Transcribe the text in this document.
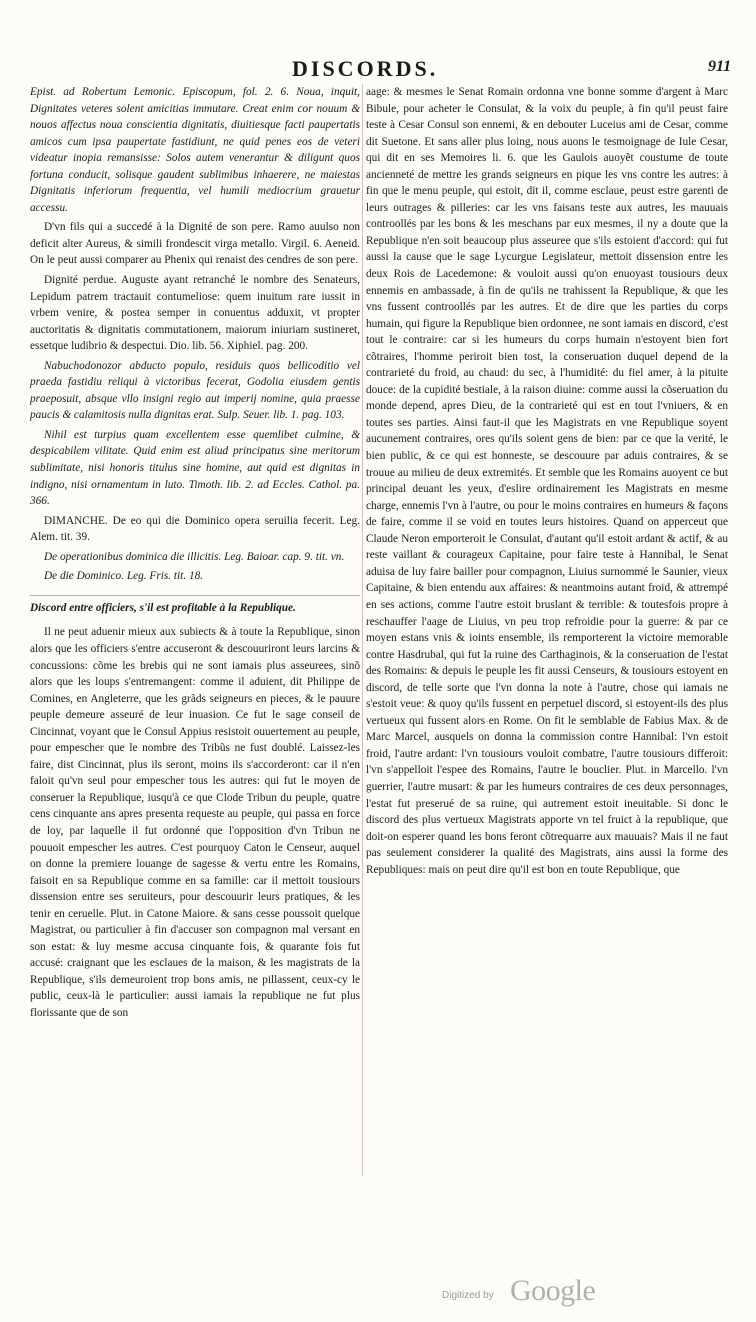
DISCORDS.	911

Epist. ad Robertum Lemonic. Episcopum, fol. 2. 6. Noua, inquit, Dignitates veteres solent amicitias immutare. Creat enim cor nouum & nouos affectus noua conscientia dignitatis, diuitiesque facti paupertatis amicos cum ipsa paupertate fastidiunt, ne quid penes eos de veteri videatur inopia remansisse: Solos autem venerantur & diligunt quos fortuna conducit, solisque gaudent sublimibus inhaerere, ne maiestas Dignitatis inferiorum frequentia, vel humili mediocrium grauetur accessu.

D'vn fils qui a succedé à la Dignité de son pere. Ramo auulso non deficit alter Aureus, & simili frondescit virga metallo. Virgil. 6. Aeneid. On le peut aussi comparer au Phenix qui renaist des cendres de son pere.

Dignité perdue. Auguste ayant retranché le nombre des Senateurs, Lepidum patrem tractauit contumeliose: quem inuitum rare iussit in vrbem venire, & postea semper in conuentus adduxit, vt propter auctoritatis & dignitatis commutationem, maiorum iniuriam sustineret, essetque ludibrio & despectui. Dio. lib. 56. Xiphiel. pag. 200.

Nabuchodonozor abducto populo, residuis quos bellicoditio vel praeda fastidiu reliqui à victoribus fecerat, Godolia eiusdem gentis praeposuit, absque vllo insigni regio aut imperij nomine, quia praesse paucis & calamitosis nulla dignitas erat. Sulp. Seuer. lib. 1. pag. 103.

Nihil est turpius quam excellentem esse quemlibet culmine, & despicabilem vilitate. Quid enim est aliud principatus sine meritorum sublimitate, nisi honoris titulus sine homine, aut quid est dignitas in indigno, nisi ornamentum in luto. Timoth. lib. 2. ad Eccles. Cathol. pa. 366.

DIMANCHE. De eo qui die Dominico opera seruilia fecerit. Leg. Alem. tit. 39.

De operationibus dominica die illicitis. Leg. Baioar. cap. 9. tit. vn.

De die Dominico. Leg. Fris. tit. 18.

Discord entre officiers, s'il est profitable à la Republique.

Il ne peut aduenir mieux aux subiects & à toute la Republique, sinon alors que les officiers s'entre accuseront & descouuriront leurs larcins & concussions: cõme les brebis qui ne sont iamais plus asseurees, sinõ alors que les loups s'entremangent: comme il aduient, dit Philippe de Comines, en Angleterre, que les grãds seigneurs en pieces, & le pauure peuple demeure asseuré de leur inuasion. Ce fut le sage conseil de Cincinnat, voyant que le Consul Appius resistoit ouuertement au peuple, pour empescher que le nombre des Tribũs ne fust doublé. Laissez-les faire, dist Cincinnat, plus ils seront, moins ils s'accorderont: car il n'en faloit qu'vn seul pour empescher tous les autres: qui fut le moyen de conseruer la Republique, iusqu'à ce que Clode Tribun du peuple, quatre cens cinquante ans apres presenta requeste au peuple, qui passa en force de loy, par laquelle il fut ordonné que l'opposition d'vn Tribun ne pouuoit empescher les autres. C'est pourquoy Caton le Censeur, auquel on donne la premiere louange de sagesse & vertu entre les Romains, faisoit en sa Republique comme en sa famille: car il mettoit tousiours dissension entre ses seruiteurs, pour descouurir leurs pratiques, & les tenir en ceruelle. Plut. in Catone Maiore. & sans cesse poussoit quelque Magistrat, ou particulier à fin d'accuser son compagnon mal versant en son estat: & luy mesme accusa cinquante fois, & quarante fois fut accusé: craignant que les esclaues de la maison, & les magistrats de la Republique, s'ils demeuroient trop bons amis, ne pillassent, ceux-cy le public, ceux-là le particulier: aussi iamais la republique ne fut plus florissante que de son

aage: & mesmes le Senat Romain ordonna vne bonne somme d'argent à Marc Bibule, pour acheter le Consulat, & la voix du peuple, à fin qu'il peust faire teste à Cesar Consul son ennemi, & en debouter Luceius ami de Cesar, comme dit Suetone. Et sans aller plus loing, nous auons le tesmoignage de Iule Cesar, qui dit en ses Memoires li. 6. que les Gaulois auoyẽt coustume de toute ancienneté de mettre les grands seigneurs en pique les vns contre les autres: à fin que le menu peuple, qui estoit, dit il, comme esclaue, peust estre garenti de leurs outrages & pilleries: car les vns faisans teste aux autres, les mauuais controollés par les bons & les meschans par eux mesmes, il ny a doute que la Republique n'en soit beaucoup plus asseuree que s'ils estoient d'accord: qui fut aussi la cause que le sage Lycurgue Legislateur, mettoit dissension entre les deux Rois de Lacedemone: & vouloit aussi qu'on enuoyast tousiours deux ennemis en ambassade, à fin de qu'ils ne trahissent la Republique, & que les vns fussent controollés par les autres. Et de dire que les parties du corps humain, qui figure la Republique bien ordonnee, ne sont iamais en discord, c'est tout le contraire: car si les humeurs du corps humain n'estoyent bien fort cõtraires, l'homme periroit bien tost, la conseruation duquel depend de la contrarieté du froid, au chaud: du sec, à l'humidité: du fiel amer, à la pituite douce: de la cupidité bestiale, à la raison diuine: comme aussi la cõseruation du monde depend, apres Dieu, de la contrarieté qui est en tout l'vniuers, & en toutes ses parties. Ainsi faut-il que les Magistrats en vne Republique soyent aucunement contraires, ores qu'ils soient gens de bien: par ce que la verité, le bien public, & ce qui est honneste, se descouure par aduis contraires, & se trouue au milieu de deux extremités. Et semble que les Romains auoyent ce but principal deuant les yeux, d'eslire ordinairement les Magistrats en mesme charge, ennemis l'vn à l'autre, ou pour le moins contraires en humeurs & façons de faire, comme il se void en toutes leurs histoires. Quand on apperceut que Claude Neron emporteroit le Consulat, d'autant qu'il estoit ardant & actif, & au reste vaillant & courageux Capitaine, pour faire teste à Hannibal, le Senat aduisa de luy faire bailler pour compagnon, Liuius surnommé le Saunier, vieux Capitaine, & bien entendu aux affaires: & neantmoins autant froid, & attrempé en ses actions, comme l'autre estoit bruslant & terrible: & toutesfois propre à reschauffer l'aage de Liuius, vn peu trop refroidie pour la guerre: & par ce moyen estans vnis & ioints ensemble, ils remporterent la victoire memorable contre Hasdrubal, qui fut la ruine des Carthaginois, & la conseruation de l'estat des Romains: & depuis le peuple les fit aussi Censeurs, & tousiours estoyent en discord, de telle sorte que l'vn donna la note à l'autre, chose qui iamais ne s'estoit veue: & quoy qu'ils fussent en perpetuel discord, si estoyent-ils des plus vertueux qui fussent alors en Rome. On fit le semblable de Fabius Max. & de Marc Marcel, ausquels on donna la commission contre Hannibal: l'vn estoit froid, l'autre ardant: l'vn tousiours vouloit combatre, l'autre tousiours differoit: l'vn s'appelloit l'espee des Romains, l'autre le bouclier. Plut. in Marcello. l'vn guerrier, l'autre musart: & par les humeurs contraires de ces deux personnages, l'estat fut preserué de sa ruine, qui autrement estoit ineuitable. Si donc le discord des plus vertueux Magistrats apporte vn tel fruict à la republique, que doit-on esperer quand les bons feront cõtrequarre aux mauuais? Mais il ne faut pas seulement considerer la qualité des Magistrats, ains aussi la forme des Republiques: mais on peut dire qu'il est bon en toute Republique, que

Digitized by Google
